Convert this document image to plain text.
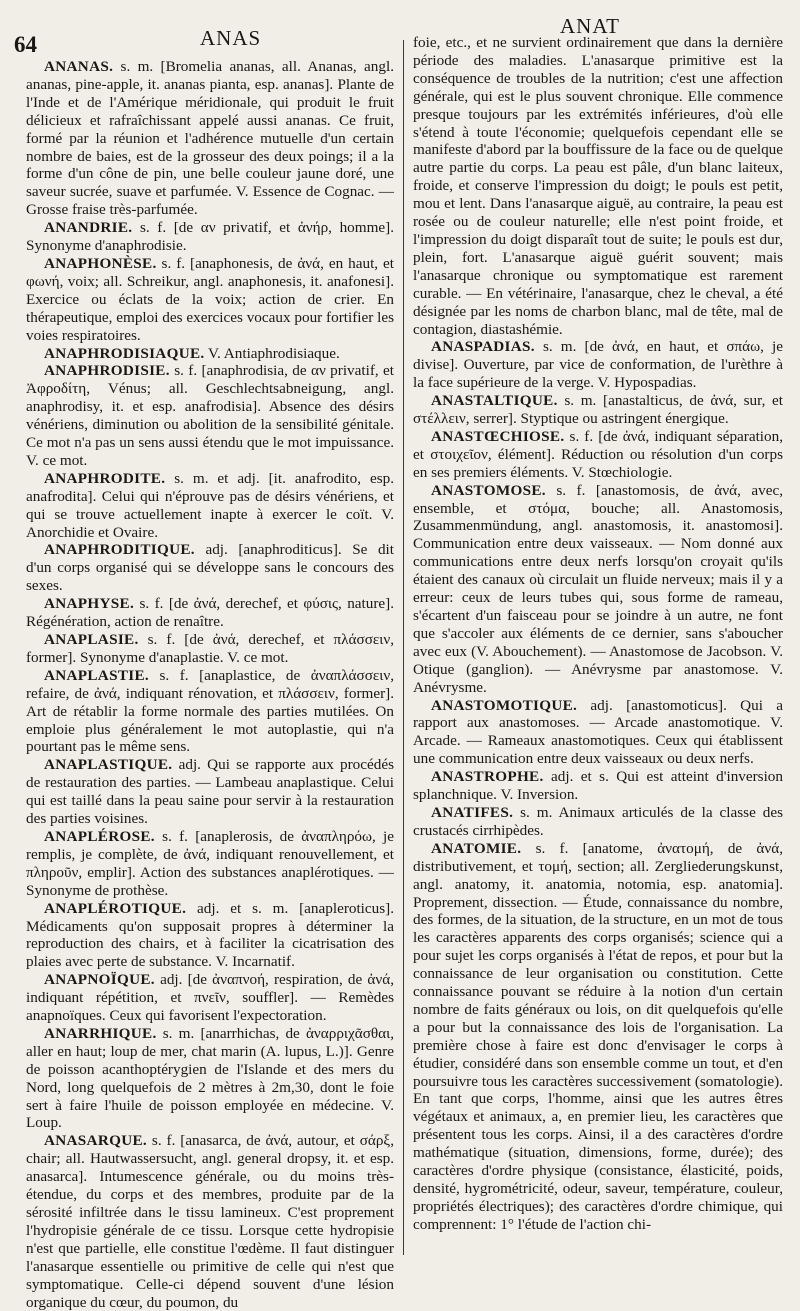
64	ANAS	ANAT

ANANAS. s. m. [Bromelia ananas, all. Ananas, angl. ananas, pine-apple, it. ananas pianta, esp. ananas]. Plante de l'Inde et de l'Amérique méridionale, qui produit le fruit délicieux et rafraîchissant appelé aussi ananas. Ce fruit, formé par la réunion et l'adhérence mutuelle d'un certain nombre de baies, est de la grosseur des deux poings; il a la forme d'un cône de pin, une belle couleur jaune doré, une saveur sucrée, suave et parfumée. V. Essence de Cognac. — Grosse fraise très-parfumée.

ANANDRIE. s. f. [de αν privatif, et ἀνήρ, homme]. Synonyme d'anaphrodisie.

ANAPHONÈSE. s. f. [anaphonesis, de ἀνά, en haut, et φωνή, voix; all. Schreikur, angl. anaphonesis, it. anafonesi]. Exercice ou éclats de la voix; action de crier. En thérapeutique, emploi des exercices vocaux pour fortifier les voies respiratoires.

ANAPHRODISIAQUE. V. Antiaphrodisiaque.

ANAPHRODISIE. s. f. [anaphrodisia, de αν privatif, et Ἀφροδίτη, Vénus; all. Geschlechtsabneigung, angl. anaphrodisy, it. et esp. anafrodisia]. Absence des désirs vénériens, diminution ou abolition de la sensibilité génitale. Ce mot n'a pas un sens aussi étendu que le mot impuissance. V. ce mot.

ANAPHRODITE. s. m. et adj. [it. anafrodito, esp. anafrodita]. Celui qui n'éprouve pas de désirs vénériens, et qui se trouve actuellement inapte à exercer le coït. V. Anorchidie et Ovaire.

ANAPHRODITIQUE. adj. [anaphroditicus]. Se dit d'un corps organisé qui se développe sans le concours des sexes.

ANAPHYSE. s. f. [de ἀνά, derechef, et φύσις, nature]. Régénération, action de renaître.

ANAPLASIE. s. f. [de ἀνά, derechef, et πλάσσειν, former]. Synonyme d'anaplastie. V. ce mot.

ANAPLASTIE. s. f. [anaplastice, de ἀναπλάσσειν, refaire, de ἀνά, indiquant rénovation, et πλάσσειν, former]. Art de rétablir la forme normale des parties mutilées. On emploie plus généralement le mot autoplastie, qui n'a pourtant pas le même sens.

ANAPLASTIQUE. adj. Qui se rapporte aux procédés de restauration des parties. — Lambeau anaplastique. Celui qui est taillé dans la peau saine pour servir à la restauration des parties voisines.

ANAPLÉROSE. s. f. [anaplerosis, de ἀναπληρόω, je remplis, je complète, de ἀνά, indiquant renouvellement, et πληροῦν, emplir]. Action des substances anaplérotiques. — Synonyme de prothèse.

ANAPLÉROTIQUE. adj. et s. m. [anapleroticus]. Médicaments qu'on supposait propres à déterminer la reproduction des chairs, et à faciliter la cicatrisation des plaies avec perte de substance. V. Incarnatif.

ANAPNOÏQUE. adj. [de ἀναπνοή, respiration, de ἀνά, indiquant répétition, et πνεῖν, souffler]. — Remèdes anapnoïques. Ceux qui favorisent l'expectoration.

ANARRHIQUE. s. m. [anarrhichas, de ἀναρριχᾶσθαι, aller en haut; loup de mer, chat marin (A. lupus, L.)]. Genre de poisson acanthoptérygien de l'Islande et des mers du Nord, long quelquefois de 2 mètres à 2m,30, dont le foie sert à faire l'huile de poisson employée en médecine. V. Loup.

ANASARQUE. s. f. [anasarca, de ἀνά, autour, et σάρξ, chair; all. Hautwassersucht, angl. general dropsy, it. et esp. anasarca]. Intumescence générale, ou du moins très-étendue, du corps et des membres, produite par de la sérosité infiltrée dans le tissu lamineux. C'est proprement l'hydropisie générale de ce tissu. Lorsque cette hydropisie n'est que partielle, elle constitue l'œdème. Il faut distinguer l'anasarque essentielle ou primitive de celle qui n'est que symptomatique. Celle-ci dépend souvent d'une lésion organique du cœur, du poumon, du

foie, etc., et ne survient ordinairement que dans la dernière période des maladies. L'anasarque primitive est la conséquence de troubles de la nutrition; c'est une affection générale, qui est le plus souvent chronique. Elle commence presque toujours par les extrémités inférieures, d'où elle s'étend à toute l'économie; quelquefois cependant elle se manifeste d'abord par la bouffissure de la face ou de quelque autre partie du corps. La peau est pâle, d'un blanc laiteux, froide, et conserve l'impression du doigt; le pouls est petit, mou et lent. Dans l'anasarque aiguë, au contraire, la peau est rosée ou de couleur naturelle; elle n'est point froide, et l'impression du doigt disparaît tout de suite; le pouls est dur, plein, fort. L'anasarque aiguë guérit souvent; mais l'anasarque chronique ou symptomatique est rarement curable. — En vétérinaire, l'anasarque, chez le cheval, a été désignée par les noms de charbon blanc, mal de tête, mal de contagion, diastashémie.

ANASPADIAS. s. m. [de ἀνά, en haut, et σπάω, je divise]. Ouverture, par vice de conformation, de l'urèthre à la face supérieure de la verge. V. Hypospadias.

ANASTALTIQUE. s. m. [anastalticus, de ἀνά, sur, et στέλλειν, serrer]. Styptique ou astringent énergique.

ANASTŒCHIOSE. s. f. [de ἀνά, indiquant séparation, et στοιχεῖον, élément]. Réduction ou résolution d'un corps en ses premiers éléments. V. Stœchiologie.

ANASTOMOSE. s. f. [anastomosis, de ἀνά, avec, ensemble, et στόμα, bouche; all. Anastomosis, Zusammenmündung, angl. anastomosis, it. anastomosi]. Communication entre deux vaisseaux. — Nom donné aux communications entre deux nerfs lorsqu'on croyait qu'ils étaient des canaux où circulait un fluide nerveux; mais il y a erreur: ceux de leurs tubes qui, sous forme de rameau, s'écartent d'un faisceau pour se joindre à un autre, ne font que s'accoler aux éléments de ce dernier, sans s'aboucher avec eux (V. Abouchement). — Anastomose de Jacobson. V. Otique (ganglion). — Anévrysme par anastomose. V. Anévrysme.

ANASTOMOTIQUE. adj. [anastomoticus]. Qui a rapport aux anastomoses. — Arcade anastomotique. V. Arcade. — Rameaux anastomotiques. Ceux qui établissent une communication entre deux vaisseaux ou deux nerfs.

ANASTROPHE. adj. et s. Qui est atteint d'inversion splanchnique. V. Inversion.

ANATIFES. s. m. Animaux articulés de la classe des crustacés cirrhipèdes.

ANATOMIE. s. f. [anatome, ἀνατομή, de ἀνά, distributivement, et τομή, section; all. Zergliederungskunst, angl. anatomy, it. anatomia, notomia, esp. anatomia]. Proprement, dissection. — Étude, connaissance du nombre, des formes, de la situation, de la structure, en un mot de tous les caractères apparents des corps organisés; science qui a pour sujet les corps organisés à l'état de repos, et pour but la connaissance de leur organisation ou constitution. Cette connaissance pouvant se réduire à la notion d'un certain nombre de faits généraux ou lois, on dit quelquefois qu'elle a pour but la connaissance des lois de l'organisation. La première chose à faire est donc d'envisager le corps à étudier, considéré dans son ensemble comme un tout, et d'en poursuivre tous les caractères successivement (somatologie). En tant que corps, l'homme, ainsi que les autres êtres végétaux et animaux, a, en premier lieu, les caractères que présentent tous les corps. Ainsi, il a des caractères d'ordre mathématique (situation, dimensions, forme, durée); des caractères d'ordre physique (consistance, élasticité, poids, densité, hygrométricité, odeur, saveur, température, couleur, propriétés électriques); des caractères d'ordre chimique, qui comprennent: 1° l'étude de l'action chi-
